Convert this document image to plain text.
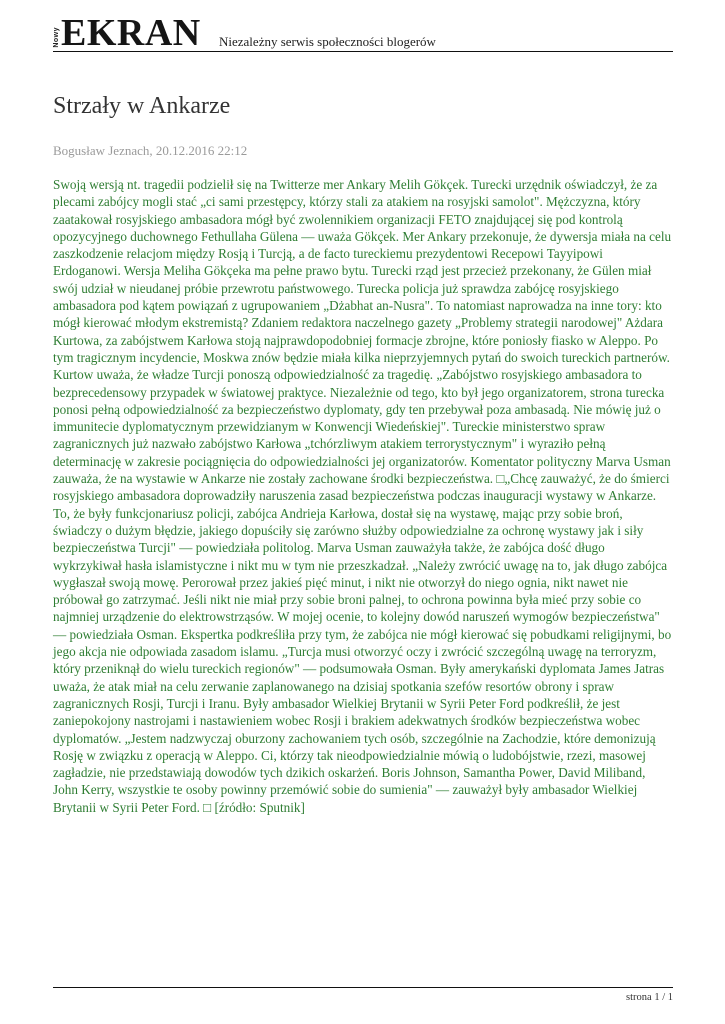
Nowy EKRAN Niezależny serwis społeczności blogerów
Strzały w Ankarze
Bogusław Jeznach, 20.12.2016 22:12
Swoją wersją nt. tragedii podzielił się na Twitterze mer Ankary Melih Gökçek. Turecki urzędnik oświadczył, że za plecami zabójcy mogli stać „ci sami przestępcy, którzy stali za atakiem na rosyjski samolot". Mężczyzna, który zaatakował rosyjskiego ambasadora mógł być zwolennikiem organizacji FETO znajdującej się pod kontrolą opozycyjnego duchownego Fethullaha Gülena — uważa Gökçek. Mer Ankary przekonuje, że dywersja miała na celu zaszkodzenie relacjom między Rosją i Turcją, a de facto tureckiemu prezydentowi Recepowi Tayyipowi Erdoganowi. Wersja Meliha Gökçeka ma pełne prawo bytu. Turecki rząd jest przecież przekonany, że Gülen miał swój udział w nieudanej próbie przewrotu państwowego. Turecka policja już sprawdza zabójcę rosyjskiego ambasadora pod kątem powiązań z ugrupowaniem „Dżabhat an-Nusra". To natomiast naprowadza na inne tory: kto mógł kierować młodym ekstremistą? Zdaniem redaktora naczelnego gazety „Problemy strategii narodowej" Ażdara Kurtowa, za zabójstwem Karłowa stoją najprawdopodobniej formacje zbrojne, które poniosły fiasko w Aleppo. Po tym tragicznym incydencie, Moskwa znów będzie miała kilka nieprzyjemnych pytań do swoich tureckich partnerów. Kurtow uważa, że władze Turcji ponoszą odpowiedzialność za tragedię. „Zabójstwo rosyjskiego ambasadora to bezprecedensowy przypadek w światowej praktyce. Niezależnie od tego, kto był jego organizatorem, strona turecka ponosi pełną odpowiedzialność za bezpieczeństwo dyplomaty, gdy ten przebywał poza ambasadą. Nie mówię już o immunitecie dyplomatycznym przewidzianym w Konwencji Wiedeńskiej". Tureckie ministerstwo spraw zagranicznych już nazwało zabójstwo Karłowa „tchórzliwym atakiem terrorystycznym" i wyraziło pełną determinację w zakresie pociągnięcia do odpowiedzialności jej organizatorów. Komentator polityczny Marva Usman zauważa, że na wystawie w Ankarze nie zostały zachowane środki bezpieczeństwa. □„Chcę zauważyć, że do śmierci rosyjskiego ambasadora doprowadziły naruszenia zasad bezpieczeństwa podczas inauguracji wystawy w Ankarze. To, że były funkcjonariusz policji, zabójca Andrieja Karłowa, dostał się na wystawę, mając przy sobie broń, świadczy o dużym błędzie, jakiego dopuściły się zarówno służby odpowiedzialne za ochronę wystawy jak i siły bezpieczeństwa Turcji" — powiedziała politolog. Marva Usman zauważyła także, że zabójca dość długo wykrzykiwał hasła islamistyczne i nikt mu w tym nie przeszkadzał. „Należy zwrócić uwagę na to, jak długo zabójca wygłaszał swoją mowę. Perorował przez jakieś pięć minut, i nikt nie otworzył do niego ognia, nikt nawet nie próbował go zatrzymać. Jeśli nikt nie miał przy sobie broni palnej, to ochrona powinna była mieć przy sobie co najmniej urządzenie do elektrowstrząsów. W mojej ocenie, to kolejny dowód naruszeń wymogów bezpieczeństwa" — powiedziała Osman. Ekspertka podkreśliła przy tym, że zabójca nie mógł kierować się pobudkami religijnymi, bo jego akcja nie odpowiada zasadom islamu. „Turcja musi otworzyć oczy i zwrócić szczególną uwagę na terroryzm, który przeniknął do wielu tureckich regionów" — podsumowała Osman. Były amerykański dyplomata James Jatras uważa, że atak miał na celu zerwanie zaplanowanego na dzisiaj spotkania szefów resortów obrony i spraw zagranicznych Rosji, Turcji i Iranu. Były ambasador Wielkiej Brytanii w Syrii Peter Ford podkreślił, że jest zaniepokojony nastrojami i nastawieniem wobec Rosji i brakiem adekwatnych środków bezpieczeństwa wobec dyplomatów. „Jestem nadzwyczaj oburzony zachowaniem tych osób, szczególnie na Zachodzie, które demonizują Rosję w związku z operacją w Aleppo. Ci, którzy tak nieodpowiedzialnie mówią o ludobójstwie, rzezi, masowej zagładzie, nie przedstawiają dowodów tych dzikich oskarżeń. Boris Johnson, Samantha Power, David Miliband, John Kerry, wszystkie te osoby powinny przemówić sobie do sumienia" — zauważył były ambasador Wielkiej Brytanii w Syrii Peter Ford. □ [źródło: Sputnik]
strona 1 / 1
